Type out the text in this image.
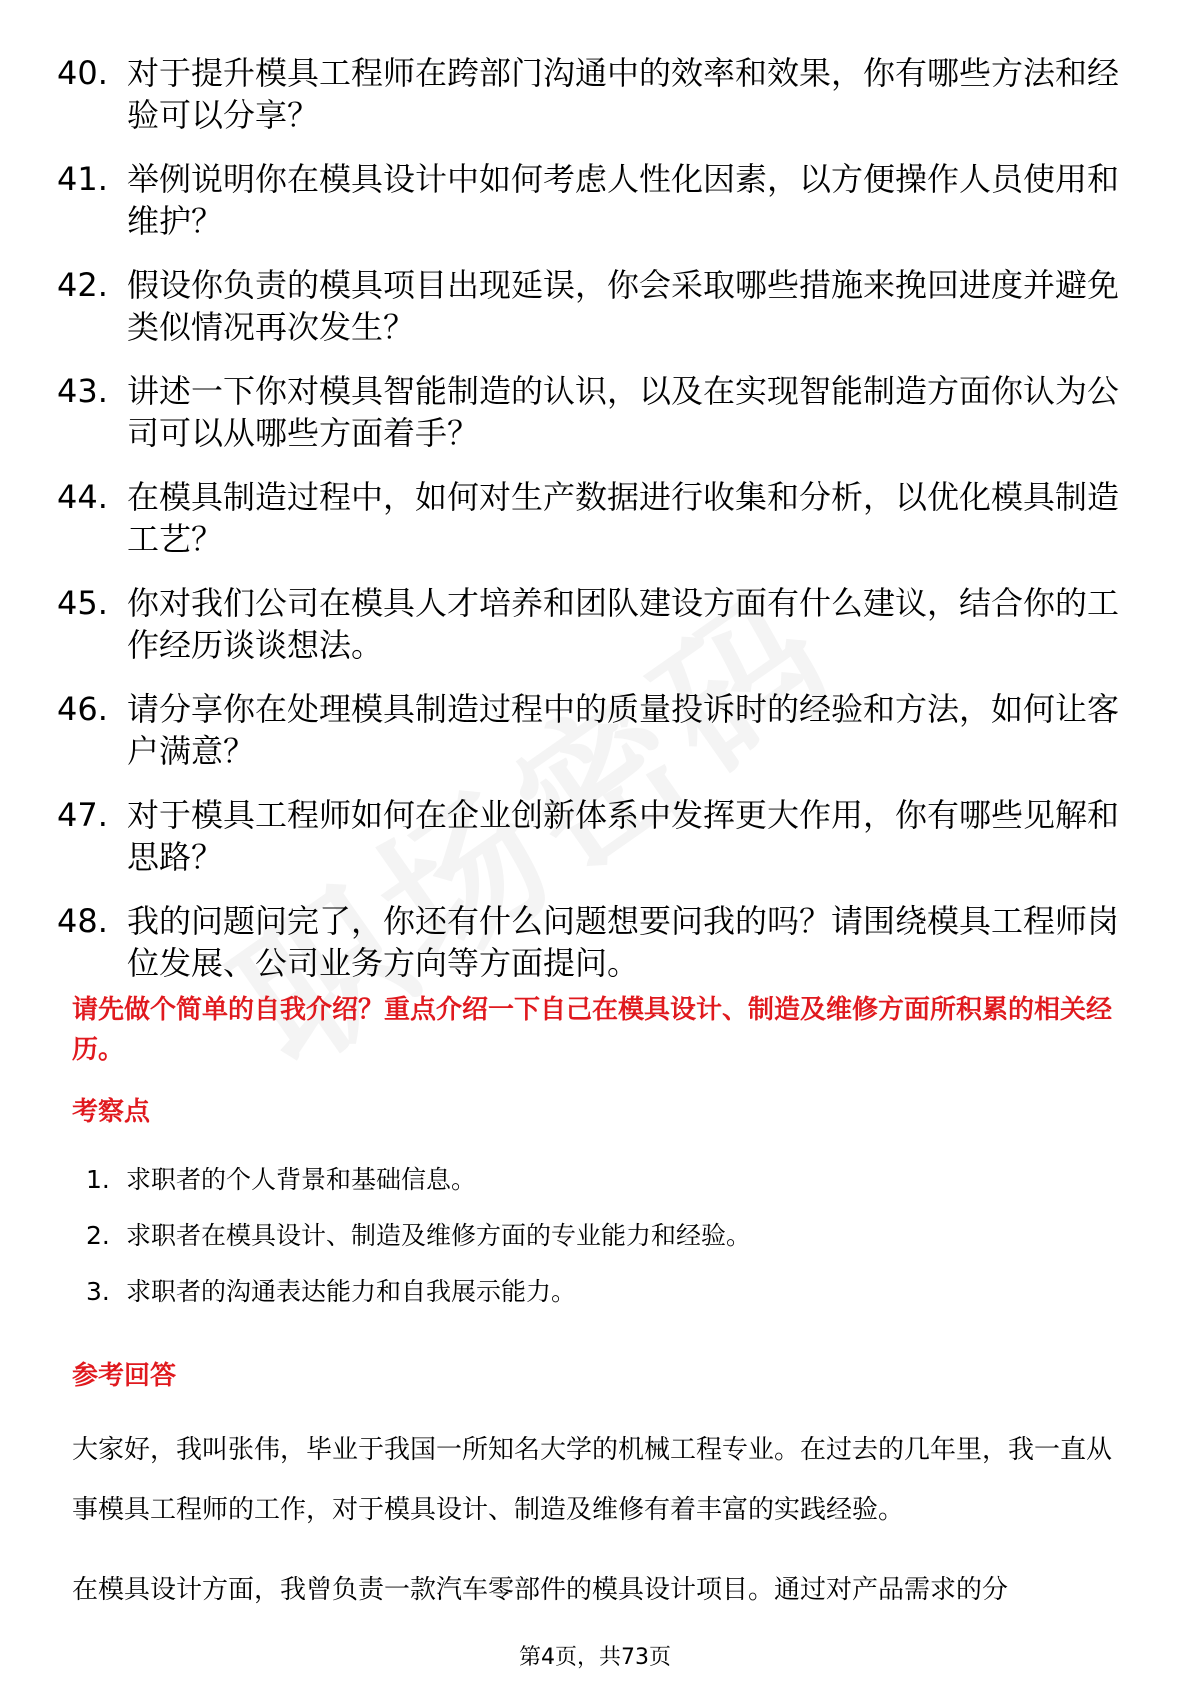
40. 对于提升模具工程师在跨部门沟通中的效率和效果，你有哪些方法和经验可以分享？
41. 举例说明你在模具设计中如何考虑人性化因素，以方便操作人员使用和维护？
42. 假设你负责的模具项目出现延误，你会采取哪些措施来挽回进度并避免类似情况再次发生？
43. 讲述一下你对模具智能制造的认识，以及在实现智能制造方面你认为公司可以从哪些方面着手？
44. 在模具制造过程中，如何对生产数据进行收集和分析，以优化模具制造工艺？
45. 你对我们公司在模具人才培养和团队建设方面有什么建议，结合你的工作经历谈谈想法。
46. 请分享你在处理模具制造过程中的质量投诉时的经验和方法，如何让客户满意？
47. 对于模具工程师如何在企业创新体系中发挥更大作用，你有哪些见解和思路？
48. 我的问题问完了，你还有什么问题想要问我的吗？请围绕模具工程师岗位发展、公司业务方向等方面提问。
请先做个简单的自我介绍？重点介绍一下自己在模具设计、制造及维修方面所积累的相关经历。
考察点
1. 求职者的个人背景和基础信息。
2. 求职者在模具设计、制造及维修方面的专业能力和经验。
3. 求职者的沟通表达能力和自我展示能力。
参考回答
大家好，我叫张伟，毕业于我国一所知名大学的机械工程专业。在过去的几年里，我一直从事模具工程师的工作，对于模具设计、制造及维修有着丰富的实践经验。
在模具设计方面，我曾负责一款汽车零部件的模具设计项目。通过对产品需求的分
第4页，共73页
